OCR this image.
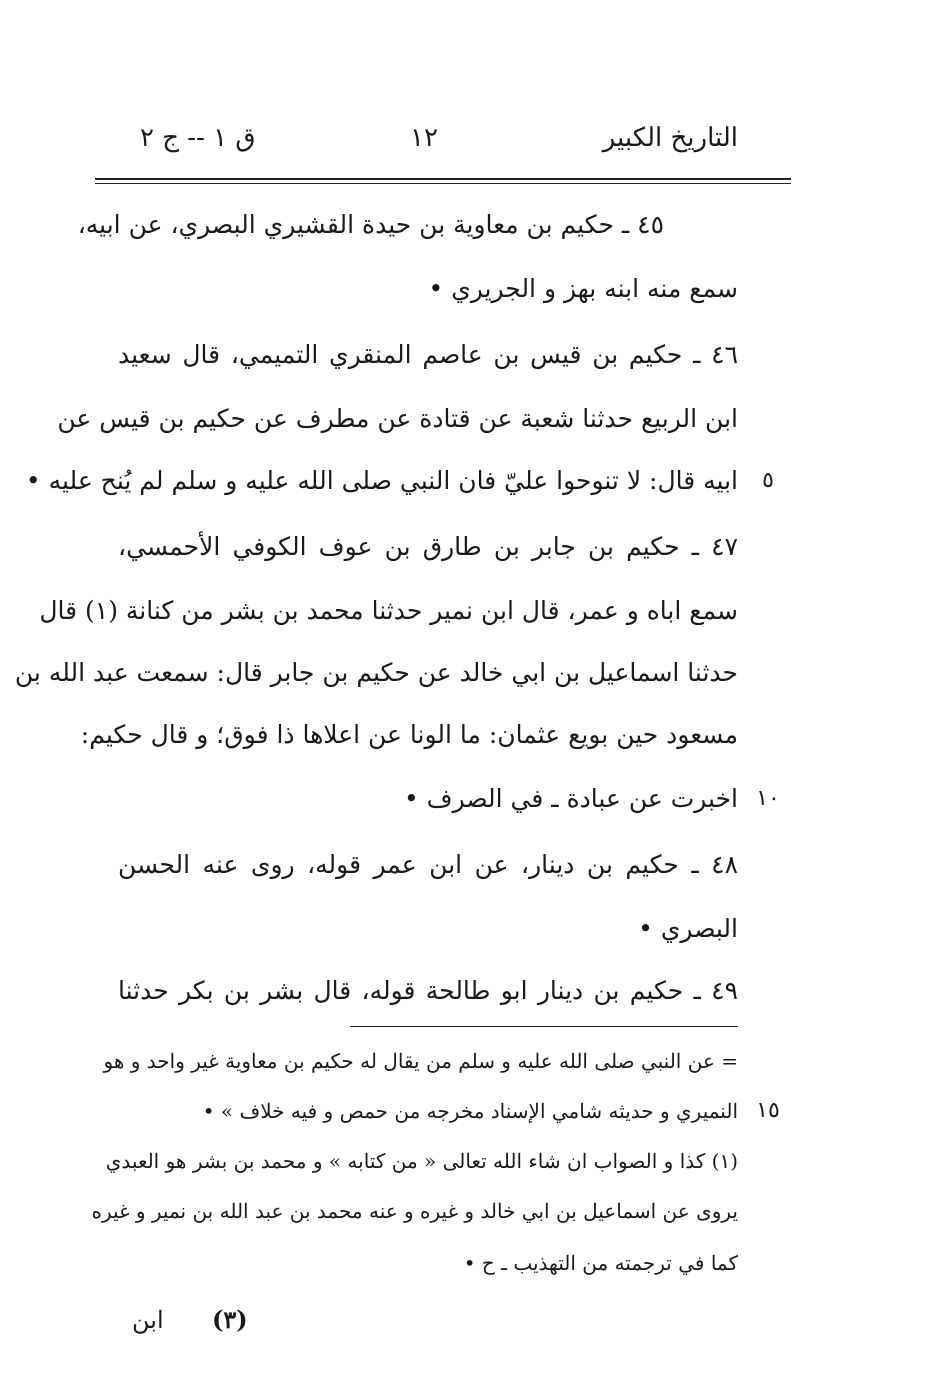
التاريخ الكبير
١٢
ق ١ -- ج ٢
٤٥ ـ حكيم بن معاوية بن حيدة القشيري البصري، عن ابيه،
سمع منه ابنه بهز و الجريري •
٤٦ ـ حكيم بن قيس بن عاصم المنقري التميمي، قال سعيد
ابن الربيع حدثنا شعبة عن قتادة عن مطرف عن حكيم بن قيس عن
ابيه قال: لا تنوحوا عليّ فان النبي صلى الله عليه و سلم لم يُنح عليه •
٤٧ ـ حكيم بن جابر بن طارق بن عوف الكوفي الأحمسي،
سمع اباه و عمر، قال ابن نمير حدثنا محمد بن بشر من كنانة (١) قال
حدثنا اسماعيل بن ابي خالد عن حكيم بن جابر قال: سمعت عبد الله بن
مسعود حين بويع عثمان: ما الونا عن اعلاها ذا فوق؛ و قال حكيم:
اخبرت عن عبادة ـ في الصرف •
٤٨ ـ حكيم بن دينار، عن ابن عمر قوله، روى عنه الحسن
البصري •
٤٩ ـ حكيم بن دينار ابو طالحة قوله، قال بشر بن بكر حدثنا
٥
١٠
١٥
= عن النبي صلى الله عليه و سلم من يقال له حكيم بن معاوية غير واحد و هو
النميري و حديثه شامي الإسناد مخرجه من حمص و فيه خلاف » •
(١) كذا و الصواب ان شاء الله تعالى « من كتابه » و محمد بن بشر هو العبدي
يروى عن اسماعيل بن ابي خالد و غيره و عنه محمد بن عبد الله بن نمير و غيره
كما في ترجمته من التهذيب ـ ح •
(٣)
ابن
